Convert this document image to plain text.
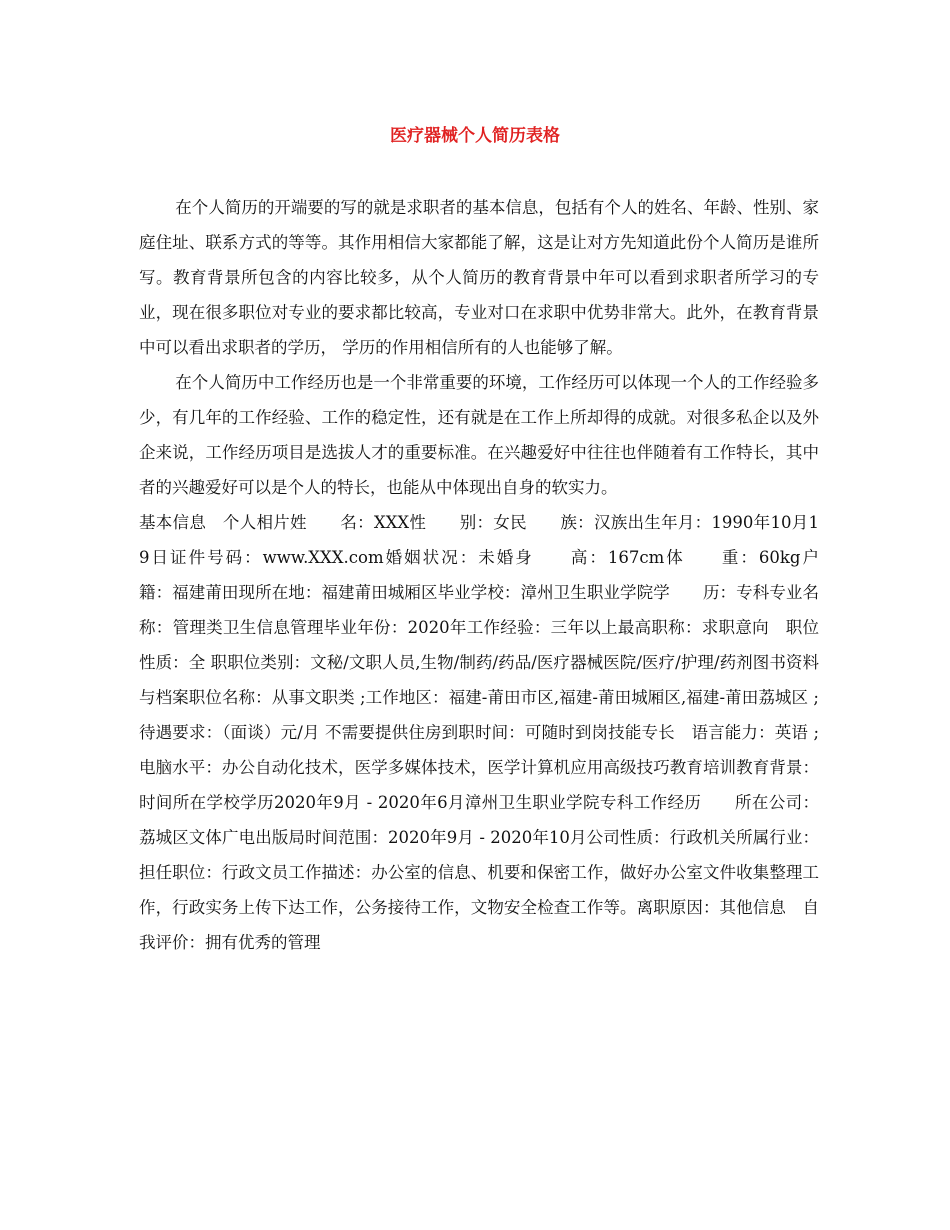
医疗器械个人简历表格

在个人简历的开端要的写的就是求职者的基本信息，包括有个人的姓名、年龄、性别、家庭住址、联系方式的等等。其作用相信大家都能了解，这是让对方先知道此份个人简历是谁所写。教育背景所包含的内容比较多，从个人简历的教育背景中年可以看到求职者所学习的专业，现在很多职位对专业的要求都比较高，专业对口在求职中优势非常大。此外，在教育背景中可以看出求职者的学历， 学历的作用相信所有的人也能够了解。

在个人简历中工作经历也是一个非常重要的环境，工作经历可以体现一个人的工作经验多少，有几年的工作经验、工作的稳定性，还有就是在工作上所却得的成就。对很多私企以及外企来说，工作经历项目是选拔人才的重要标准。在兴趣爱好中往往也伴随着有工作特长，其中者的兴趣爱好可以是个人的特长，也能从中体现出自身的软实力。

基本信息　个人相片姓　　名：XXX性　　别：女民　　族：汉族出生年月：1990年10月19日证件号码：www.XXX.com婚姻状况：未婚身　　高：167cm体　　重：60kg户　　籍：福建莆田现所在地：福建莆田城厢区毕业学校：漳州卫生职业学院学　　历：专科专业名称：管理类卫生信息管理毕业年份：2020年工作经验：三年以上最高职称：求职意向　职位性质：全 职职位类别：文秘/文职人员,生物/制药/药品/医疗器械医院/医疗/护理/药剂图书资料与档案职位名称：从事文职类 ;工作地区：福建-莆田市区,福建-莆田城厢区,福建-莆田荔城区 ;待遇要求：（面谈）元/月 不需要提供住房到职时间：可随时到岗技能专长　语言能力：英语 ;电脑水平：办公自动化技术，医学多媒体技术，医学计算机应用高级技巧教育培训教育背景：时间所在学校学历2020年9月 - 2020年6月漳州卫生职业学院专科工作经历　　所在公司：荔城区文体广电出版局时间范围：2020年9月 - 2020年10月公司性质：行政机关所属行业：担任职位：行政文员工作描述：办公室的信息、机要和保密工作，做好办公室文件收集整理工作，行政实务上传下达工作，公务接待工作，文物安全检查工作等。离职原因：其他信息　自我评价：拥有优秀的管理
